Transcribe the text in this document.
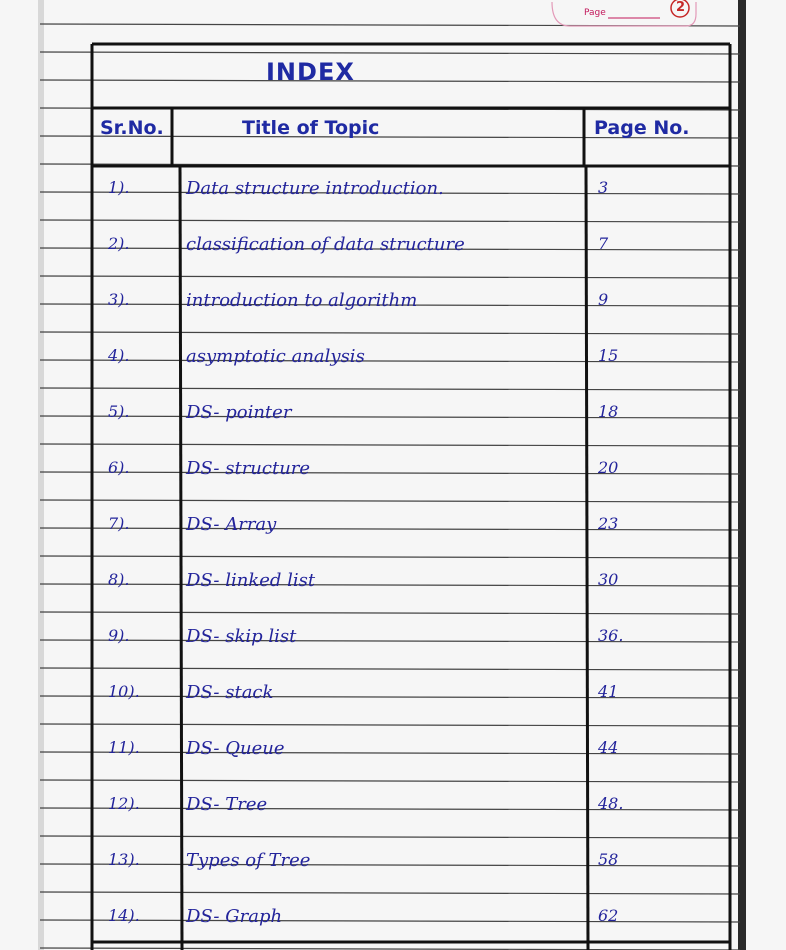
Page	2
INDEX
Sr.No.	Title of Topic	Page No.
1).	Data structure introduction.	3
2).	classification of data structure	7
3).	introduction to algorithm	9
4).	asymptotic analysis	15
5).	DS- pointer	18
6).	DS- structure	20
7).	DS- Array	23
8).	DS- linked list	30
9).	DS- skip list	36.
10).	DS- stack	41
11).	DS- Queue	44
12).	DS- Tree	48.
13).	Types of Tree	58
14).	DS- Graph	62
